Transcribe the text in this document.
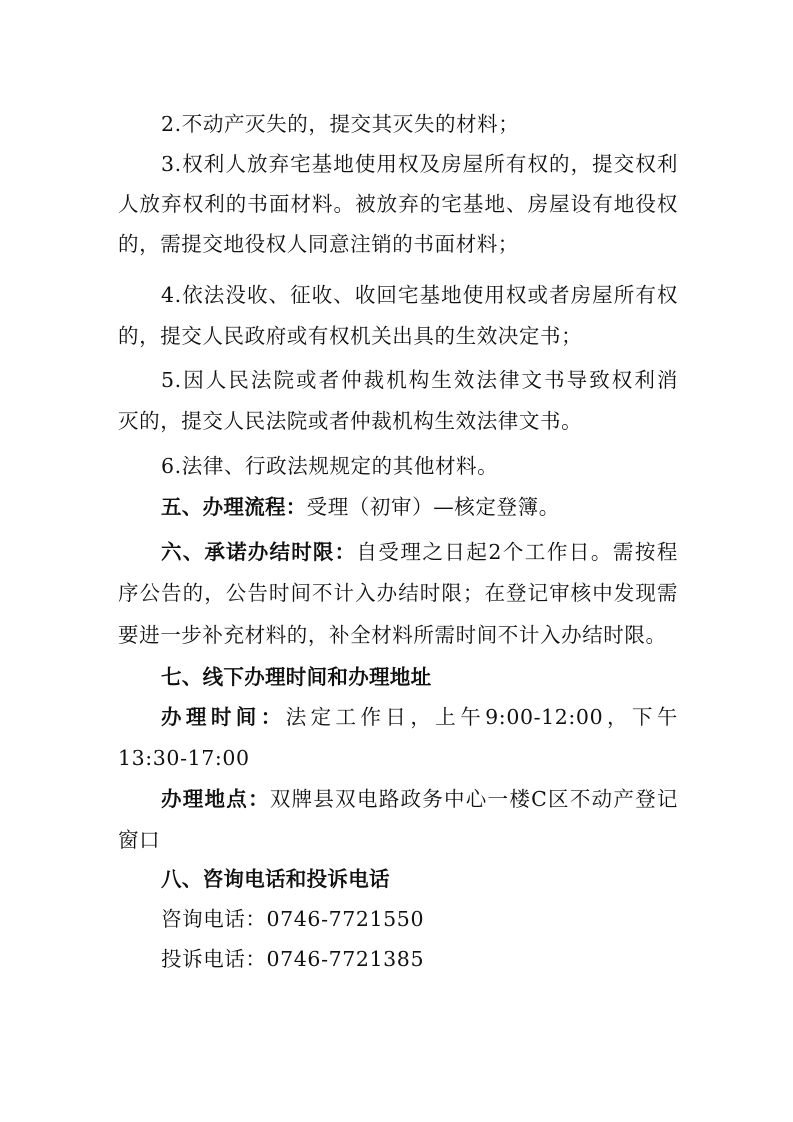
2.不动产灭失的，提交其灭失的材料；
3.权利人放弃宅基地使用权及房屋所有权的，提交权利
人放弃权利的书面材料。被放弃的宅基地、房屋设有地役权
的，需提交地役权人同意注销的书面材料；
4.依法没收、征收、收回宅基地使用权或者房屋所有权
的，提交人民政府或有权机关出具的生效决定书；
5.因人民法院或者仲裁机构生效法律文书导致权利消
灭的，提交人民法院或者仲裁机构生效法律文书。
6.法律、行政法规规定的其他材料。
五、办理流程：受理（初审）—核定登簿。
六、承诺办结时限：自受理之日起2个工作日。需按程
序公告的，公告时间不计入办结时限；在登记审核中发现需
要进一步补充材料的，补全材料所需时间不计入办结时限。
七、线下办理时间和办理地址
办理时间：法定工作日，上午9:00-12:00，下午
13:30-17:00
办理地点：双牌县双电路政务中心一楼C区不动产登记
窗口
八、咨询电话和投诉电话
咨询电话：0746-7721550
投诉电话：0746-7721385
